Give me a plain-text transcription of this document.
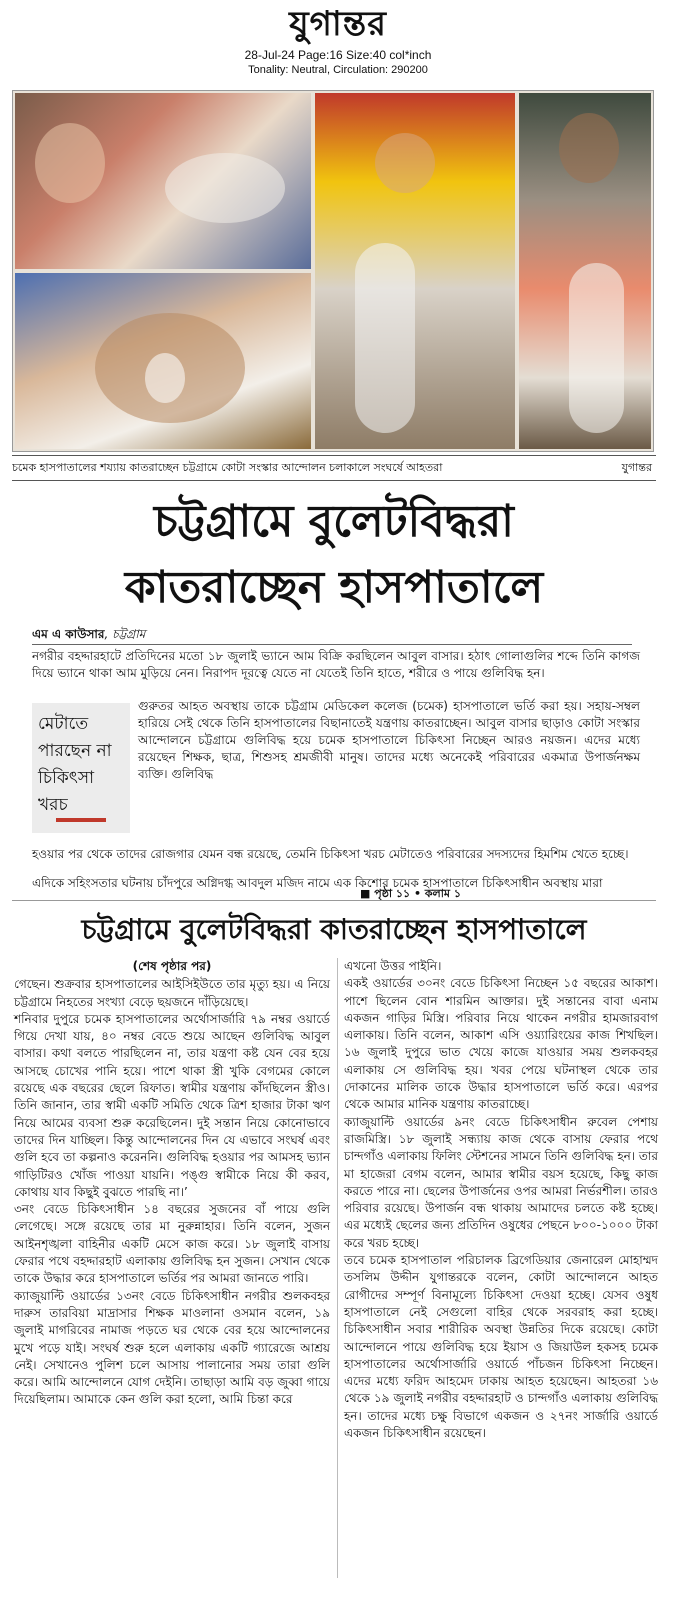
যুগান্তর
28-Jul-24 Page:16 Size:40 col*inch
Tonality: Neutral, Circulation: 290200
চমেক হাসপাতালের শয্যায় কাতরাচ্ছেন চট্টগ্রামে কোটা সংস্কার আন্দোলন চলাকালে সংঘর্ষে আহতরা	যুগান্তর
চট্টগ্রামে বুলেটবিদ্ধরা
কাতরাচ্ছেন হাসপাতালে
এম এ কাউসার, চট্টগ্রাম

নগরীর বহদ্দারহাটে প্রতিদিনের মতো ১৮ জুলাই ভ্যানে আম বিক্রি করছিলেন আবুল বাসার। হঠাৎ গোলাগুলির শব্দে তিনি কাগজ দিয়ে ভ্যানে থাকা আম মুড়িয়ে নেন। নিরাপদ দূরত্বে যেতে না যেতেই তিনি হাতে, শরীরে ও পায়ে গুলিবিদ্ধ হন।

মেটাতে পারছেন না চিকিৎসা খরচ
গুরুতর আহত অবস্থায় তাকে চট্টগ্রাম মেডিকেল কলেজ (চমেক) হাসপাতালে ভর্তি করা হয়। সহায়-সম্বল হারিয়ে সেই থেকে তিনি হাসপাতালের বিছানাতেই যন্ত্রণায় কাতরাচ্ছেন। আবুল বাসার ছাড়াও কোটা সংস্কার আন্দোলনে চট্টগ্রামে গুলিবিদ্ধ হয়ে চমেক হাসপাতালে চিকিৎসা নিচ্ছেন আরও নয়জন। এদের মধ্যে রয়েছেন শিক্ষক, ছাত্র, শিশুসহ শ্রমজীবী মানুষ। তাদের মধ্যে অনেকেই পরিবারের একমাত্র উপার্জনক্ষম ব্যক্তি। গুলিবিদ্ধ

হওয়ার পর থেকে তাদের রোজগার যেমন বন্ধ রয়েছে, তেমনি চিকিৎসা খরচ মেটাতেও পরিবারের সদস্যদের হিমশিম খেতে হচ্ছে।

এদিকে সহিংসতার ঘটনায় চাঁদপুরে অগ্নিদগ্ধ আবদুল মজিদ নামে এক কিশোর চমেক হাসপাতালে চিকিৎসাধীন অবস্থায় মারা

■ পৃষ্ঠা ১১ • কলাম ১
চট্টগ্রামে বুলেটবিদ্ধরা কাতরাচ্ছেন হাসপাতালে
(শেষ পৃষ্ঠার পর)

গেছেন। শুক্রবার হাসপাতালের আইসিইউতে তার মৃত্যু হয়। এ নিয়ে চট্টগ্রামে নিহতের সংখ্যা বেড়ে ছয়জনে দাঁড়িয়েছে।

শনিবার দুপুরে চমেক হাসপাতালের অর্থোসার্জারি ৭৯ নম্বর ওয়ার্ডে গিয়ে দেখা যায়, ৪০ নম্বর বেডে শুয়ে আছেন গুলিবিদ্ধ আবুল বাসার। কথা বলতে পারছিলেন না, তার যন্ত্রণা কষ্ট যেন বের হয়ে আসছে চোখের পানি হয়ে। পাশে থাকা স্ত্রী খুকি বেগমের কোলে রয়েছে এক বছরের ছেলে রিফাত। স্বামীর যন্ত্রণায় কাঁদছিলেন স্ত্রীও। তিনি জানান, তার স্বামী একটি সমিতি থেকে ত্রিশ হাজার টাকা ঋণ নিয়ে আমের ব্যবসা শুরু করেছিলেন। দুই সন্তান নিয়ে কোনোভাবে তাদের দিন যাচ্ছিল। কিন্তু আন্দোলনের দিন যে এভাবে সংঘর্ষ এবং গুলি হবে তা কল্পনাও করেননি। গুলিবিদ্ধ হওয়ার পর আমসহ ভ্যান গাড়িটিরও খোঁজ পাওয়া যায়নি। পঙ্গু স্বামীকে নিয়ে কী করব, কোথায় যাব কিছুই বুঝতে পারছি না।’

৩নং বেডে চিকিৎসাধীন ১৪ বছরের সুজনের বাঁ পায়ে গুলি লেগেছে। সঙ্গে রয়েছে তার মা নুরুন্নাহার। তিনি বলেন, সুজন আইনশৃঙ্খলা বাহিনীর একটি মেসে কাজ করে। ১৮ জুলাই বাসায় ফেরার পথে বহদ্দারহাট এলাকায় গুলিবিদ্ধ হন সুজন। সেখান থেকে তাকে উদ্ধার করে হাসপাতালে ভর্তির পর আমরা জানতে পারি।

ক্যাজুয়াল্টি ওয়ার্ডের ১৩নং বেডে চিকিৎসাধীন নগরীর শুলকবহর দারুস তারবিয়া মাদ্রাসার শিক্ষক মাওলানা ওসমান বলেন, ১৯ জুলাই মাগরিবের নামাজ পড়তে ঘর থেকে বের হয়ে আন্দোলনের মুখে পড়ে যাই। সংঘর্ষ শুরু হলে এলাকায় একটি গ্যারেজে আশ্রয় নেই। সেখানেও পুলিশ চলে আসায় পালানোর সময় তারা গুলি করে। আমি আন্দোলনে যোগ দেইনি। তাছাড়া আমি বড় জুব্বা গায়ে দিয়েছিলাম। আমাকে কেন গুলি করা হলো, আমি চিন্তা করে

এখনো উত্তর পাইনি।

একই ওয়ার্ডের ৩০নং বেডে চিকিৎসা নিচ্ছেন ১৫ বছরের আকাশ। পাশে ছিলেন বোন শারমিন আক্তার। দুই সন্তানের বাবা এনাম একজন গাড়ির মিস্ত্রি। পরিবার নিয়ে থাকেন নগরীর হামজারবাগ এলাকায়। তিনি বলেন, আকাশ এসি ওয়্যারিংয়ের কাজ শিখছিল। ১৬ জুলাই দুপুরে ভাত খেয়ে কাজে যাওয়ার সময় শুলকবহর এলাকায় সে গুলিবিদ্ধ হয়। খবর পেয়ে ঘটনাস্থল থেকে তার দোকানের মালিক তাকে উদ্ধার হাসপাতালে ভর্তি করে। এরপর থেকে আমার মানিক যন্ত্রণায় কাতরাচ্ছে।

ক্যাজুয়াল্টি ওয়ার্ডের ৯নং বেডে চিকিৎসাধীন রুবেল পেশায় রাজমিস্ত্রি। ১৮ জুলাই সন্ধ্যায় কাজ থেকে বাসায় ফেরার পথে চান্দগাঁও এলাকায় ফিলিং স্টেশনের সামনে তিনি গুলিবিদ্ধ হন। তার মা হাজেরা বেগম বলেন, আমার স্বামীর বয়স হয়েছে, কিছু কাজ করতে পারে না। ছেলের উপার্জনের ওপর আমরা নির্ভরশীল। তারও পরিবার রয়েছে। উপার্জন বন্ধ থাকায় আমাদের চলতে কষ্ট হচ্ছে। এর মধ্যেই ছেলের জন্য প্রতিদিন ওষুধের পেছনে ৮০০-১০০০ টাকা করে খরচ হচ্ছে।

তবে চমেক হাসপাতাল পরিচালক ব্রিগেডিয়ার জেনারেল মোহাম্মদ তসলিম উদ্দীন যুগান্তরকে বলেন, কোটা আন্দোলনে আহত রোগীদের সম্পূর্ণ বিনামূল্যে চিকিৎসা দেওয়া হচ্ছে। যেসব ওষুধ হাসপাতালে নেই সেগুলো বাহির থেকে সরবরাহ করা হচ্ছে। চিকিৎসাধীন সবার শারীরিক অবস্থা উন্নতির দিকে রয়েছে। কোটা আন্দোলনে পায়ে গুলিবিদ্ধ হয়ে ইয়াস ও জিয়াউল হকসহ চমেক হাসপাতালের অর্থোসার্জারি ওয়ার্ডে পাঁচজন চিকিৎসা নিচ্ছেন। এদের মধ্যে ফরিদ আহমেদ ঢাকায় আহত হয়েছেন। আহতরা ১৬ থেকে ১৯ জুলাই নগরীর বহদ্দারহাট ও চান্দগাঁও এলাকায় গুলিবিদ্ধ হন। তাদের মধ্যে চক্ষু বিভাগে একজন ও ২৭নং সার্জারি ওয়ার্ডে একজন চিকিৎসাধীন রয়েছেন।
